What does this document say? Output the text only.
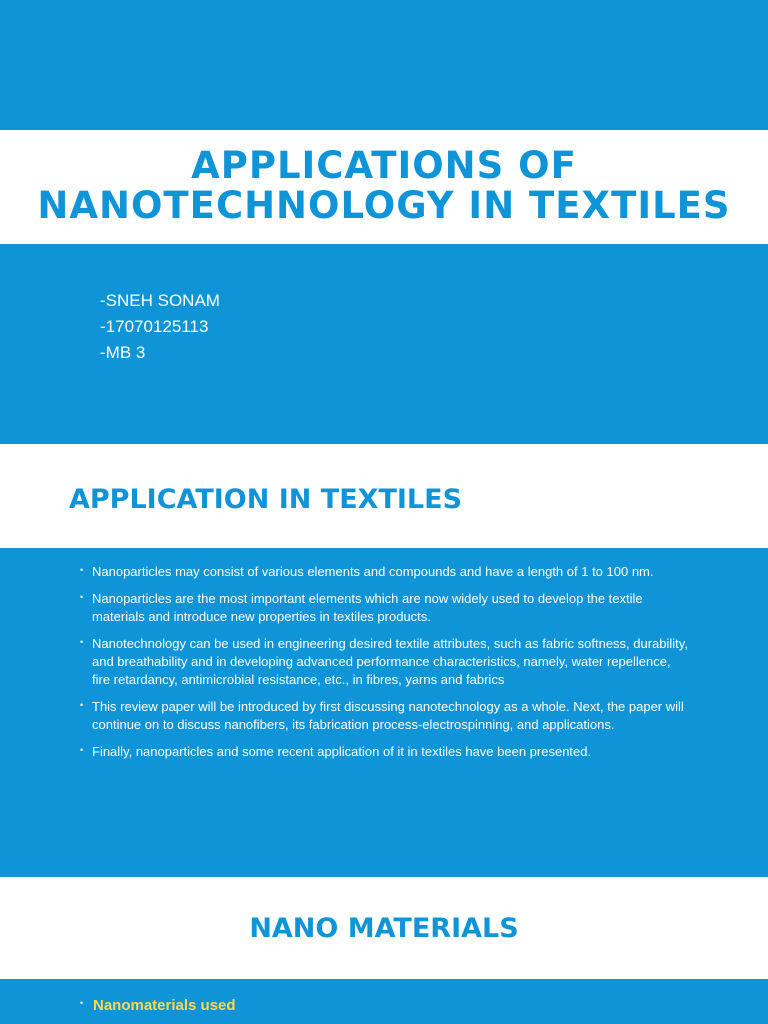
APPLICATIONS OF
NANOTECHNOLOGY IN TEXTILES
-SNEH SONAM
-17070125113
-MB 3
APPLICATION IN TEXTILES
• Nanoparticles may consist of various elements and compounds and have a length of 1 to 100 nm.
• Nanoparticles are the most important elements which are now widely used to develop the textile materials and introduce new properties in textiles products.
• Nanotechnology can be used in engineering desired textile attributes, such as fabric softness, durability, and breathability and in developing advanced performance characteristics, namely, water repellence, fire retardancy, antimicrobial resistance, etc., in fibres, yarns and fabrics
• This review paper will be introduced by first discussing nanotechnology as a whole. Next, the paper will continue on to discuss nanofibers, its fabrication process-electrospinning, and applications.
• Finally, nanoparticles and some recent application of it in textiles have been presented.
NANO MATERIALS
• Nanomaterials used
